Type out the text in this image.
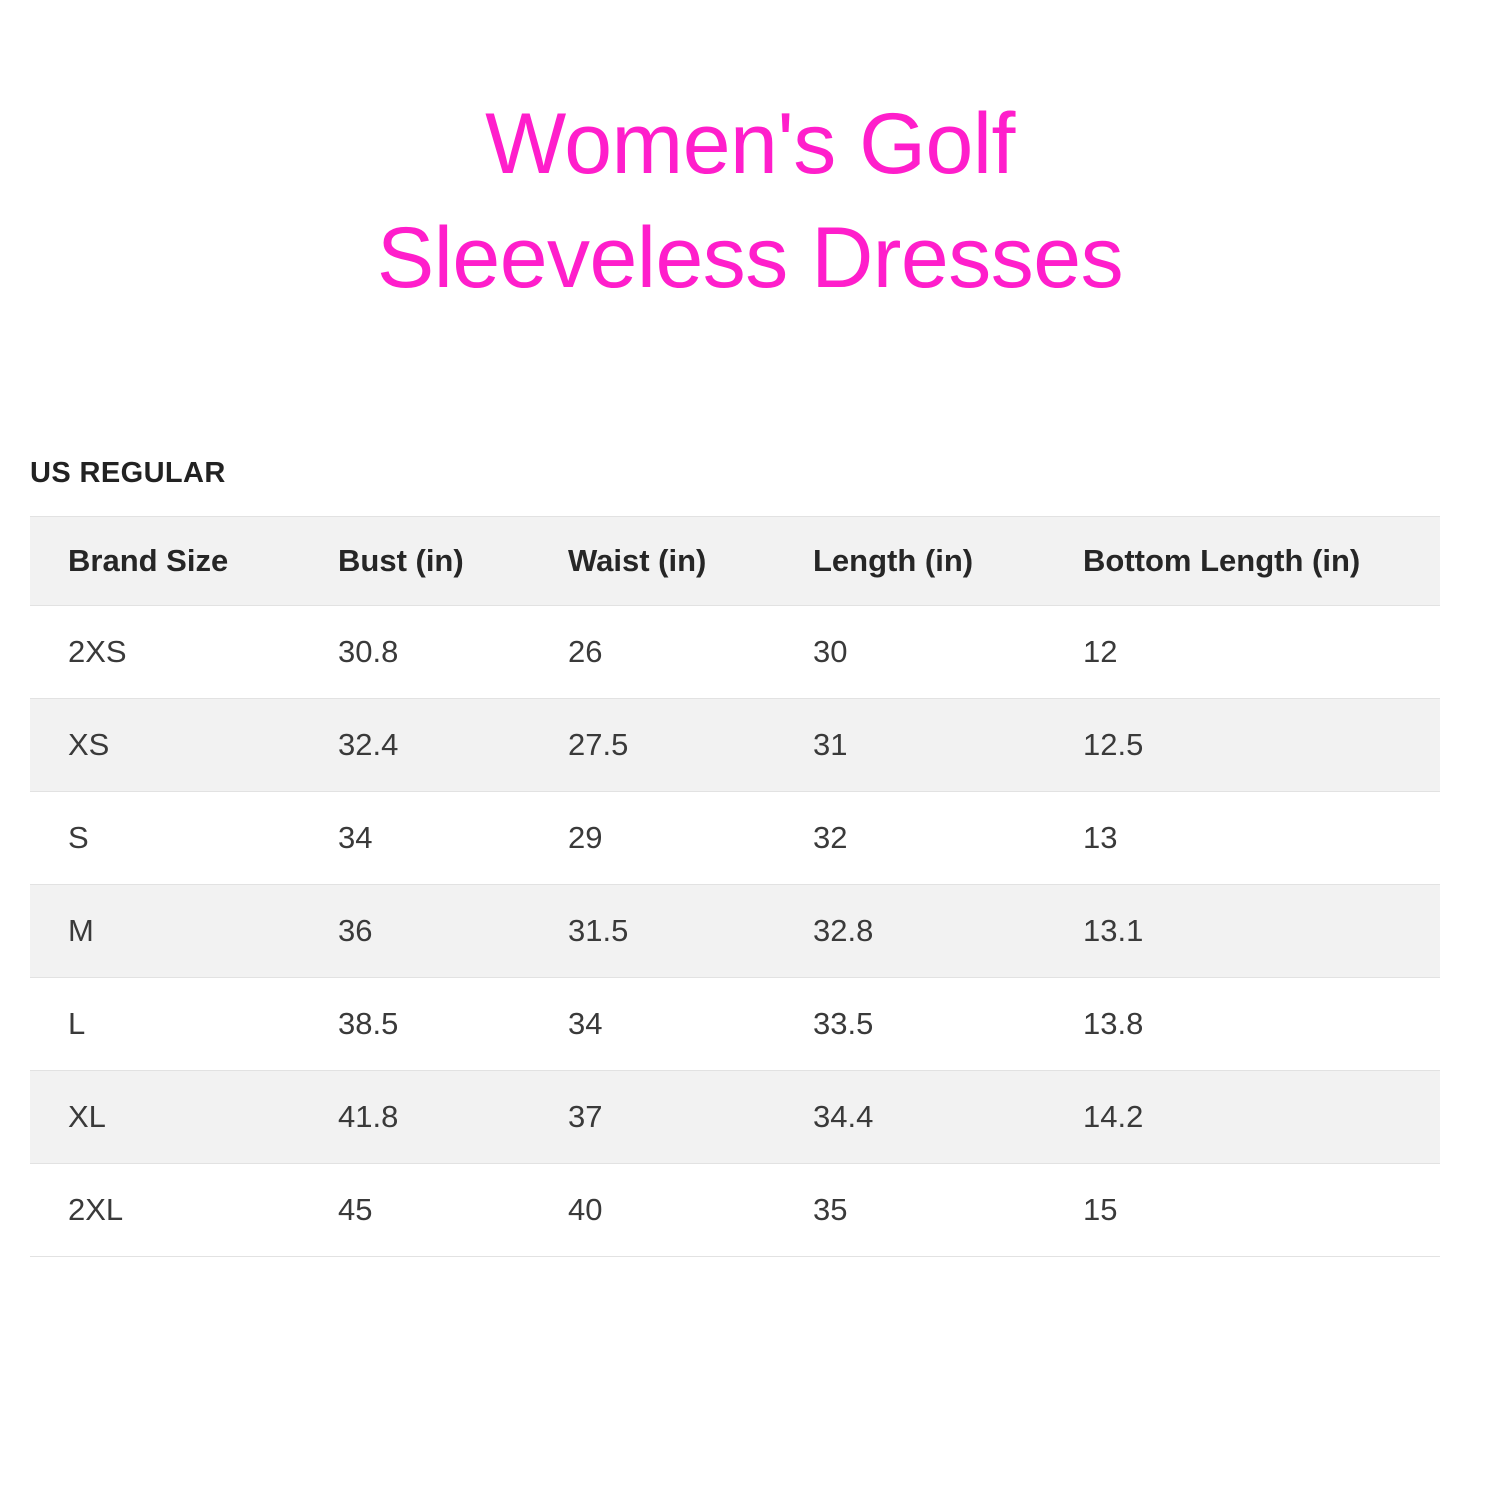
Women's Golf
Sleeveless Dresses
US REGULAR
Brand Size	Bust (in)	Waist (in)	Length (in)	Bottom Length (in)
2XS	30.8	26	30	12
XS	32.4	27.5	31	12.5
S	34	29	32	13
M	36	31.5	32.8	13.1
L	38.5	34	33.5	13.8
XL	41.8	37	34.4	14.2
2XL	45	40	35	15
